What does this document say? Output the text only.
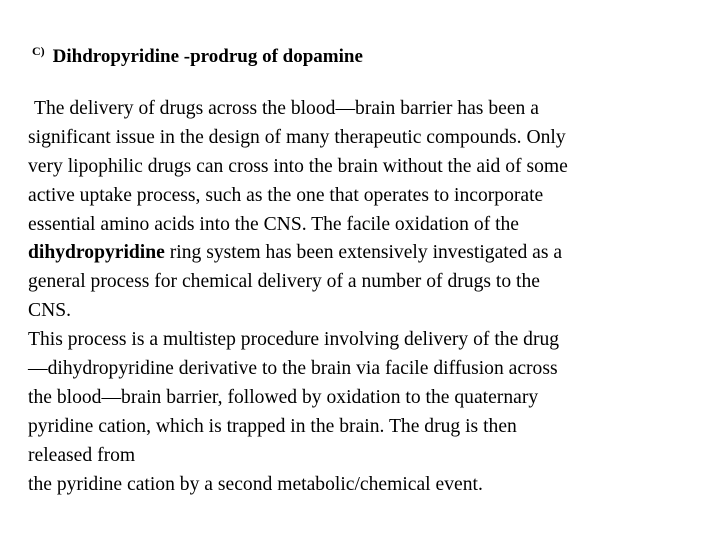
$^{C)}$ Dihdropyridine -prodrug of dopamine
The delivery of drugs across the blood—brain barrier has been a
significant issue in the design of many therapeutic compounds. Only
very lipophilic drugs can cross into the brain without the aid of some
active uptake process, such as the one that operates to incorporate
essential amino acids into the CNS. The facile oxidation of the
dihydropyridine ring system has been extensively investigated as a
general process for chemical delivery of a number of drugs to the
CNS.
This process is a multistep procedure involving delivery of the drug
—dihydropyridine derivative to the brain via facile diffusion across
the blood—brain barrier, followed by oxidation to the quaternary
pyridine cation, which is trapped in the brain. The drug is then
released from
the pyridine cation by a second metabolic/chemical event.
